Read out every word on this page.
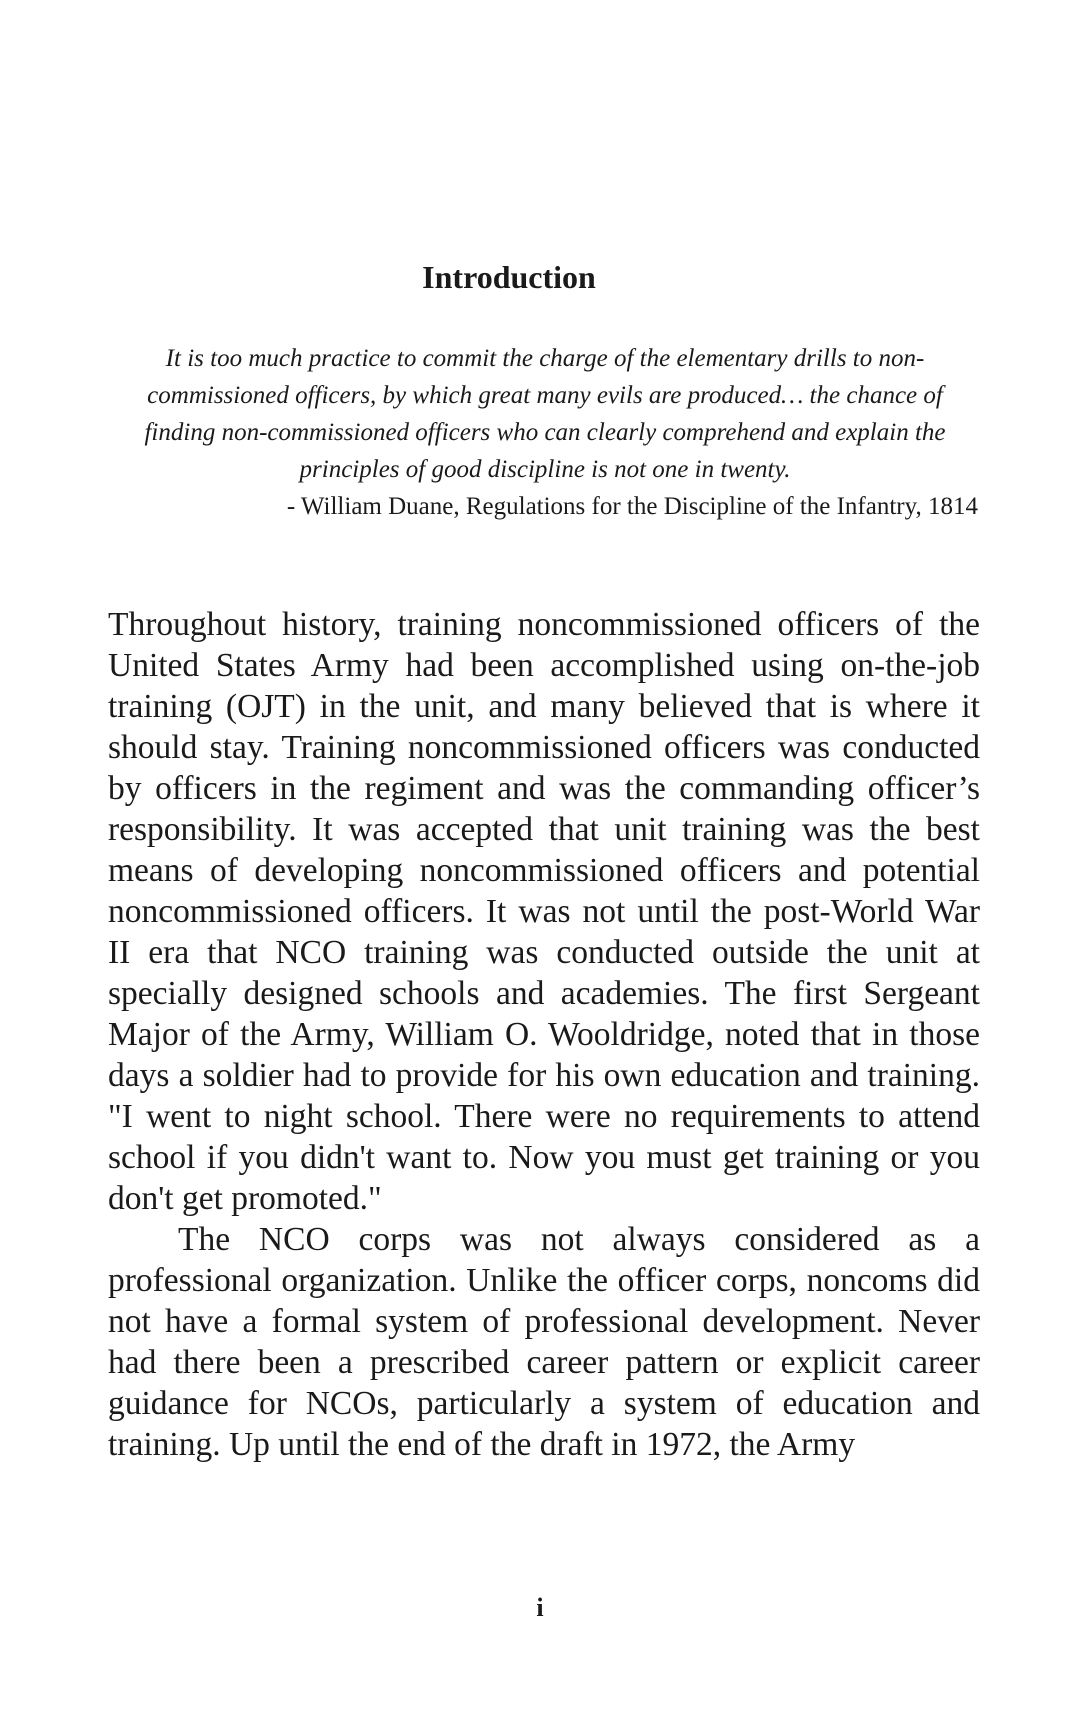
Introduction

It is too much practice to commit the charge of the elementary drills to non-commissioned officers, by which great many evils are produced… the chance of finding non-commissioned officers who can clearly comprehend and explain the principles of good discipline is not one in twenty.

- William Duane, Regulations for the Discipline of the Infantry, 1814

Throughout history, training noncommissioned officers of the United States Army had been accomplished using on-the-job training (OJT) in the unit, and many believed that is where it should stay. Training noncommissioned officers was conducted by officers in the regiment and was the commanding officer’s responsibility. It was accepted that unit training was the best means of developing noncommissioned officers and potential noncommissioned officers. It was not until the post-World War II era that NCO training was conducted outside the unit at specially designed schools and academies. The first Sergeant Major of the Army, William O. Wooldridge, noted that in those days a soldier had to provide for his own education and training. "I went to night school. There were no requirements to attend school if you didn't want to. Now you must get training or you don't get promoted."

The NCO corps was not always considered as a professional organization. Unlike the officer corps, noncoms did not have a formal system of professional development. Never had there been a prescribed career pattern or explicit career guidance for NCOs, particularly a system of education and training. Up until the end of the draft in 1972, the Army

i
